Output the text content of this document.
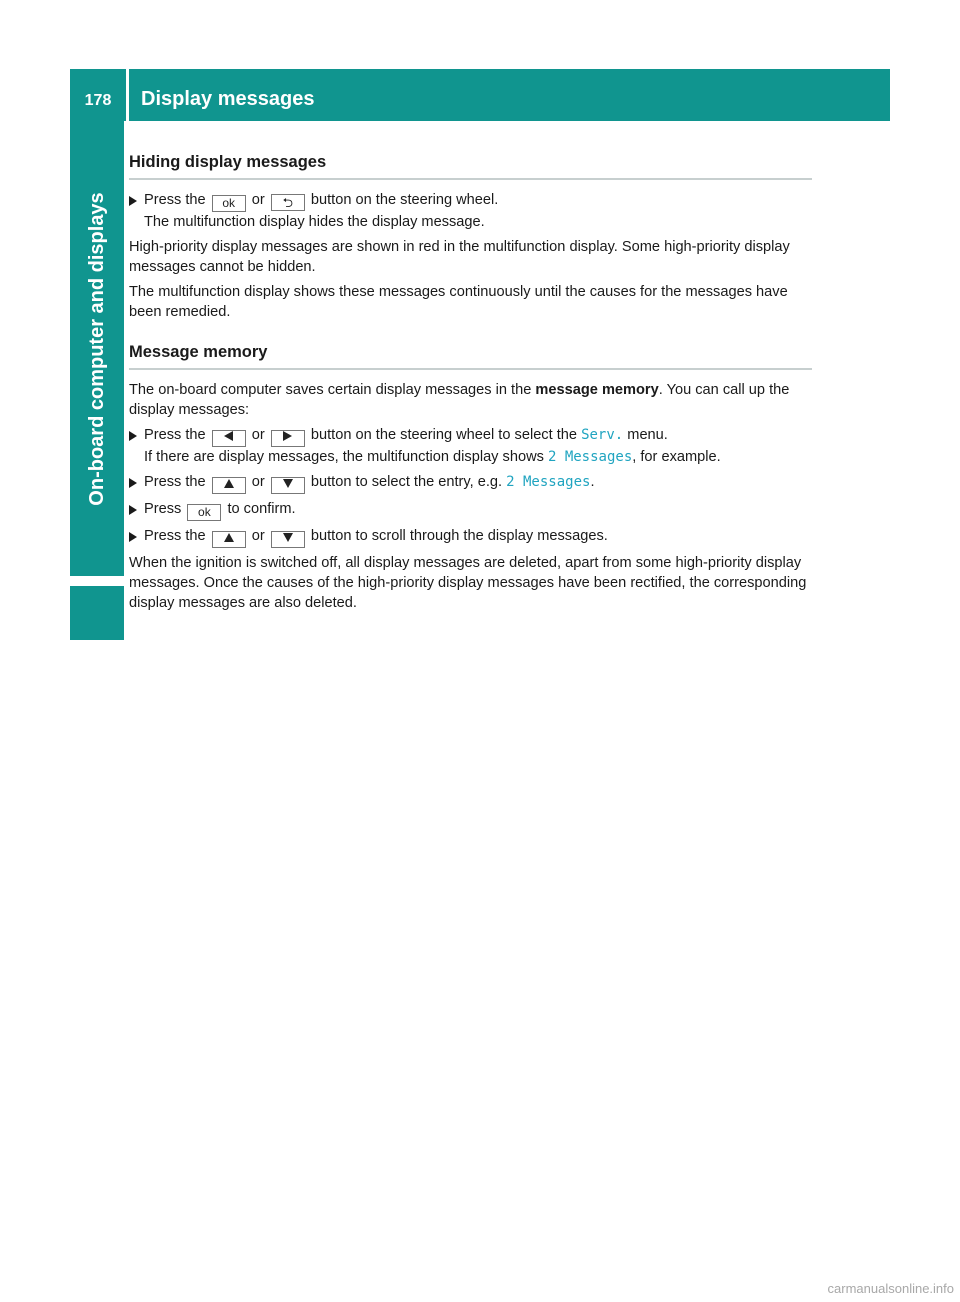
178	Display messages
On-board computer and displays
Hiding display messages
Press the ok or ⮌ button on the steering wheel.
The multifunction display hides the display message.

High-priority display messages are shown in red in the multifunction display. Some high-priority display messages cannot be hidden.

The multifunction display shows these messages continuously until the causes for the messages have been remedied.

Message memory

The on-board computer saves certain display messages in the message memory. You can call up the display messages:

Press the	or	button on the steering wheel to select the Serv. menu.
If there are display messages, the multifunction display shows 2 Messages, for example.
Press the	or	button to select the entry, e.g. 2 Messages.
Press ok to confirm.
Press the	or	button to scroll through the display messages.

When the ignition is switched off, all display messages are deleted, apart from some high-priority display messages. Once the causes of the high-priority display messages have been rectified, the corresponding display messages are also deleted.

carmanualsonline.info
